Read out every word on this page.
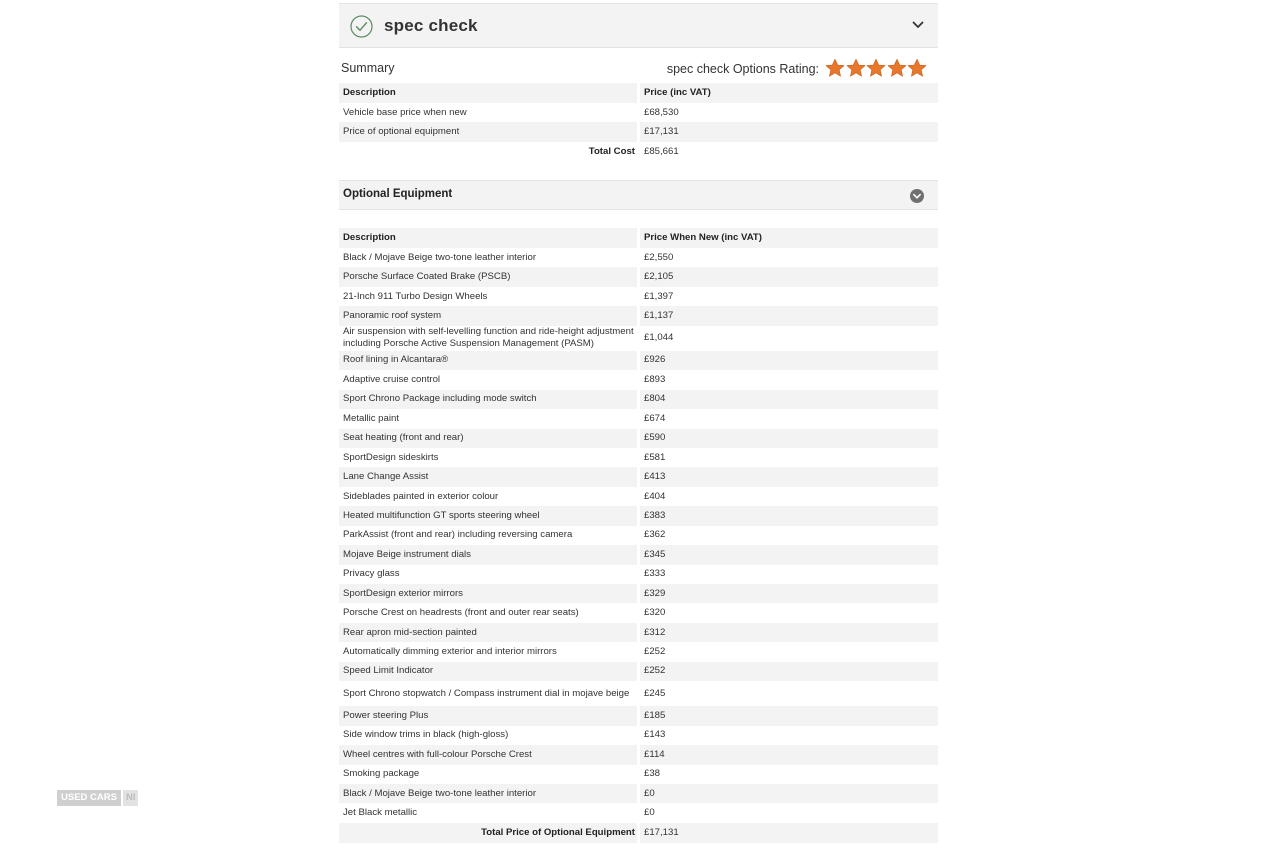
spec check
Summary	spec check Options Rating:
Description	Price (inc VAT)
Vehicle base price when new	£68,530
Price of optional equipment	£17,131
Total Cost	£85,661
Optional Equipment
Description	Price When New (inc VAT)
Black / Mojave Beige two-tone leather interior	£2,550
Porsche Surface Coated Brake (PSCB)	£2,105
21-Inch 911 Turbo Design Wheels	£1,397
Panoramic roof system	£1,137
Air suspension with self-levelling function and ride-height adjustment including Porsche Active Suspension Management (PASM)	£1,044
Roof lining in Alcantara®	£926
Adaptive cruise control	£893
Sport Chrono Package including mode switch	£804
Metallic paint	£674
Seat heating (front and rear)	£590
SportDesign sideskirts	£581
Lane Change Assist	£413
Sideblades painted in exterior colour	£404
Heated multifunction GT sports steering wheel	£383
ParkAssist (front and rear) including reversing camera	£362
Mojave Beige instrument dials	£345
Privacy glass	£333
SportDesign exterior mirrors	£329
Porsche Crest on headrests (front and outer rear seats)	£320
Rear apron mid-section painted	£312
Automatically dimming exterior and interior mirrors	£252
Speed Limit Indicator	£252
Sport Chrono stopwatch / Compass instrument dial in mojave beige	£245
Power steering Plus	£185
Side window trims in black (high-gloss)	£143
Wheel centres with full-colour Porsche Crest	£114
Smoking package	£38
Black / Mojave Beige two-tone leather interior	£0
Jet Black metallic	£0
Total Price of Optional Equipment	£17,131
USED CARS NI
